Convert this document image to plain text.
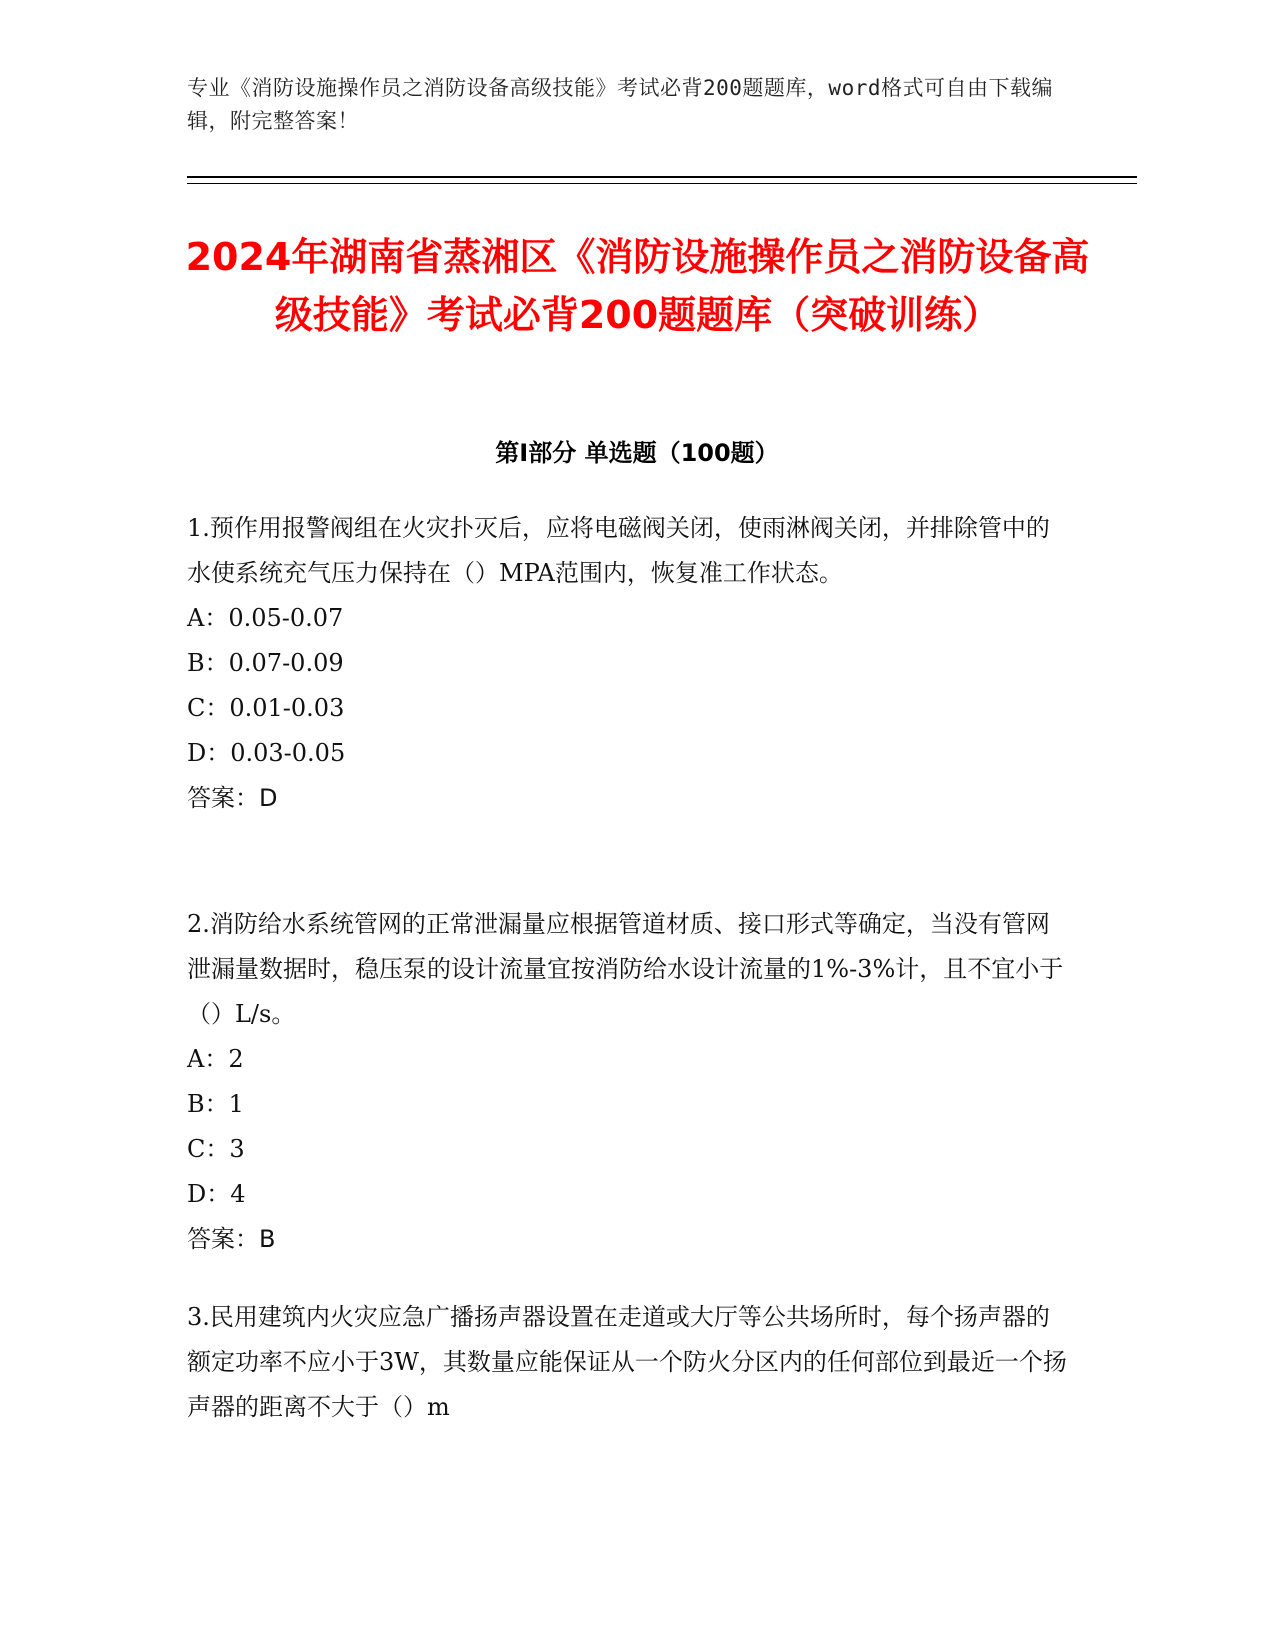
专业《消防设施操作员之消防设备高级技能》考试必背200题题库，word格式可自由下载编辑，附完整答案！
2024年湖南省蒸湘区《消防设施操作员之消防设备高级技能》考试必背200题题库（突破训练）
第Ⅰ部分 单选题（100题）

1.预作用报警阀组在火灾扑灭后，应将电磁阀关闭，使雨淋阀关闭，并排除管中的水使系统充气压力保持在（）MPA范围内，恢复准工作状态。

A：0.05-0.07

B：0.07-0.09

C：0.01-0.03

D：0.03-0.05

答案：D

2.消防给水系统管网的正常泄漏量应根据管道材质、接口形式等确定，当没有管网泄漏量数据时，稳压泵的设计流量宜按消防给水设计流量的1%-3%计，且不宜小于（）L/s。

A：2

B：1

C：3

D：4

答案：B

3.民用建筑内火灾应急广播扬声器设置在走道或大厅等公共场所时，每个扬声器的额定功率不应小于3W，其数量应能保证从一个防火分区内的任何部位到最近一个扬声器的距离不大于（）m
